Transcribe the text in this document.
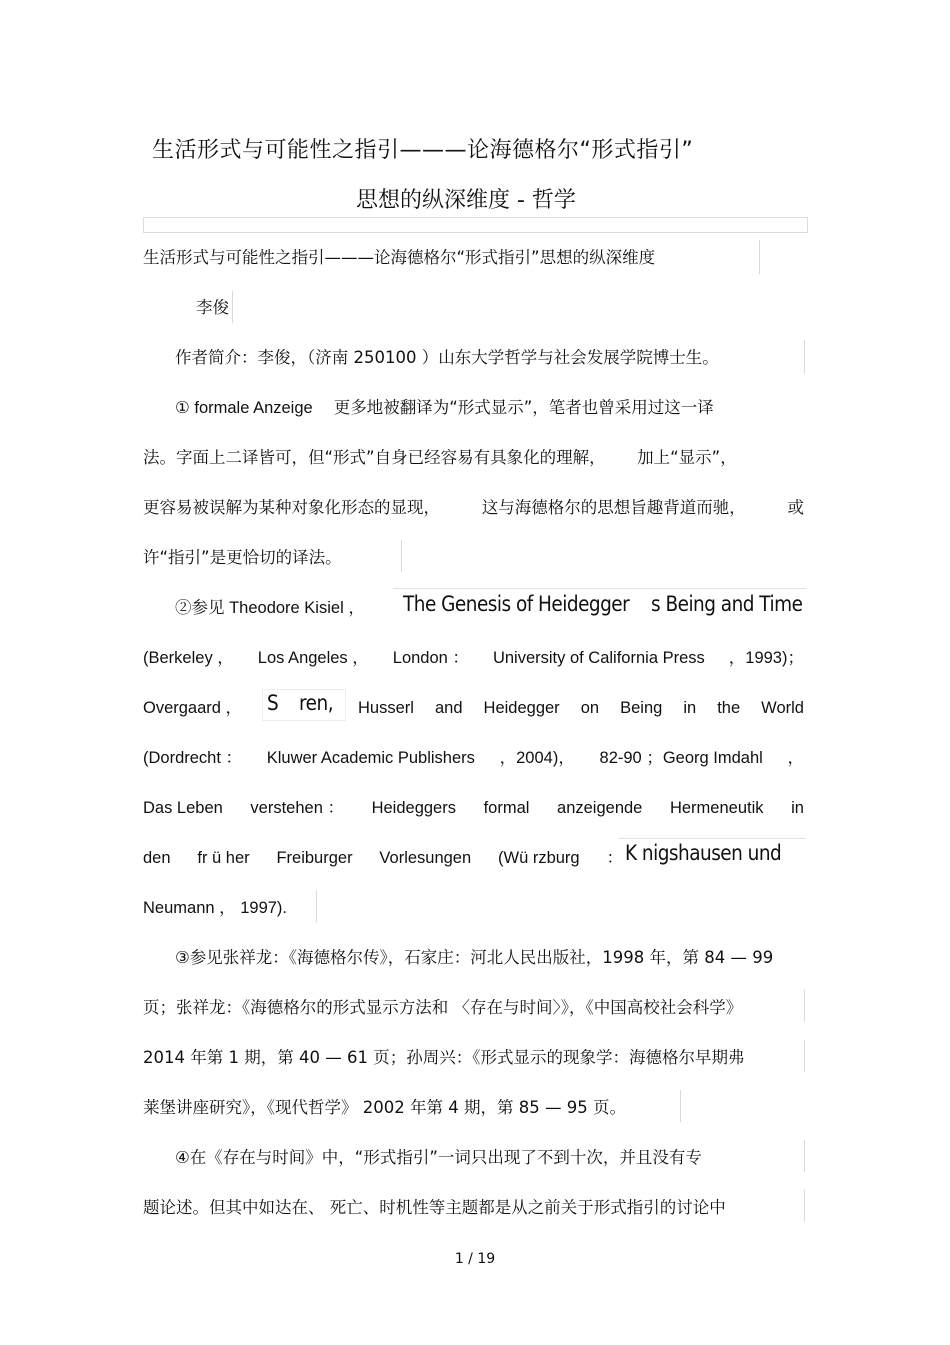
生活形式与可能性之指引———论海德格尔“形式指引”
思想的纵深维度 - 哲学
生活形式与可能性之指引———论海德格尔“形式指引”思想的纵深维度
李俊
作者简介：李俊，（济南 250100 ）山东大学哲学与社会发展学院博士生。
① formale Anzeige 更多地被翻译为“形式显示”，笔者也曾采用过这一译
法。字面上二译皆可，但“形式”自身已经容易有具象化的理解， 加上“显示”，
更容易被误解为某种对象化形态的显现，	这与海德格尔的思想旨趣背道而驰，	或
许“指引”是更恰切的译法。
②参见 Theodore Kisiel ， The Genesis of Heidegger s Being and Time
(Berkeley ， Los Angeles ， London ： University of California Press ，1993)；
Overgaard ， S ren, Husserl and Heidegger on Being in the World
(Dordrecht ： Kluwer Academic Publishers ，2004)， 82-90 ；Georg Imdahl ，
Das Leben verstehen ： Heideggers formal anzeigende Hermeneutik in
den fr ü her Freiburger Vorlesungen (Wü rzburg ： K nigshausen und
Neumann ， 1997).
③参见张祥龙：《海德格尔传》，石家庄：河北人民出版社，1998 年，第 84 — 99
页；张祥龙：《海德格尔的形式显示方法和 〈存在与时间〉》，《中国高校社会科学》
2014 年第 1 期，第 40 — 61 页；孙周兴：《形式显示的现象学：海德格尔早期弗
莱堡讲座研究》，《现代哲学》 2002 年第 4 期，第 85 — 95 页。
④在《存在与时间》中，“形式指引”一词只出现了不到十次，并且没有专
题论述。但其中如达在、 死亡、时机性等主题都是从之前关于形式指引的讨论中
1 / 19
